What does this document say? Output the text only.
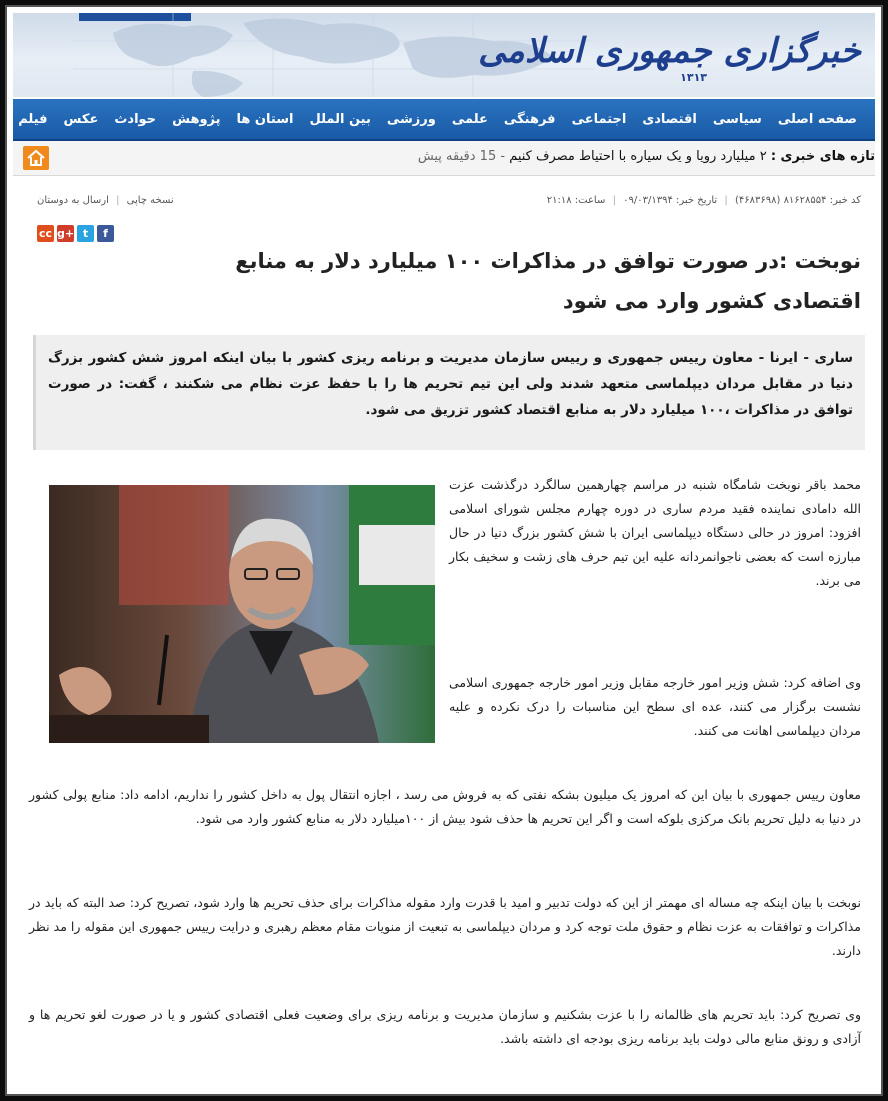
خبرگزاری جمهوری اسلامی
۱۳۱۳
صفحه اصلی
سیاسی
اقتصادی
اجتماعی
فرهنگی
علمی
ورزشی
بین الملل
استان ها
پژوهش
حوادث
عکس
فیلم
تازه های خبری : ۲ میلیارد رویا و یک سیاره با احتیاط مصرف کنیم - 15 دقیقه پیش
کد خبر: ۸۱۶۲۸۵۵۴ (۴۶۸۳۶۹۸) | تاریخ خبر: ۰۹/۰۳/۱۳۹۴ | ساعت: ۲۱:۱۸
نسخه چاپی | ارسال به دوستان
cc g+ t	f
نوبخت :در صورت توافق در مذاکرات ۱۰۰ میلیارد دلار به منابع اقتصادی کشور وارد می شود
ساری - ایرنا - معاون رییس جمهوری و رییس سازمان مدیریت و برنامه ریزی کشور با بیان اینکه امروز شش کشور بزرگ دنیا در مقابل مردان دیپلماسی متعهد شدند ولی این تیم تحریم ها را با حفظ عزت نظام می شکنند ، گفت: در صورت توافق در مذاکرات ،۱۰۰ میلیارد دلار به منابع اقتصاد کشور تزریق می شود.
محمد باقر نوبخت شامگاه شنبه در مراسم چهارهمین سالگرد درگذشت عزت الله دامادی نماینده فقید مردم ساری در دوره چهارم مجلس شورای اسلامی افزود: امروز در حالی دستگاه دیپلماسی ایران با شش کشور بزرگ دنیا در حال مبارزه است که بعضی ناجوانمردانه علیه این تیم حرف های زشت و سخیف بکار می برند.
وی اضافه کرد: شش وزیر امور خارجه مقابل وزیر امور خارجه جمهوری اسلامی نشست برگزار می کنند، عده ای سطح این مناسبات را درک نکرده و علیه مردان دیپلماسی اهانت می کنند.
معاون رییس جمهوری با بیان این که امروز یک میلیون بشکه نفتی که به فروش می رسد ، اجازه انتقال پول به داخل کشور را نداریم، ادامه داد: منابع پولی کشور در دنیا به دلیل تحریم بانک مرکزی بلوکه است و اگر این تحریم ها حذف شود بیش از ۱۰۰میلیارد دلار به منابع کشور وارد می شود.
نوبخت با بیان اینکه چه مساله ای مهمتر از این که دولت تدبیر و امید با قدرت وارد مقوله مذاکرات برای حذف تحریم ها وارد شود، تصریح کرد: صد البته که باید در مذاکرات و توافقات به عزت نظام و حقوق ملت توجه کرد و مردان دیپلماسی به تبعیت از منویات مقام معظم رهبری و درایت رییس جمهوری این مقوله را مد نظر دارند.
وی تصریح کرد: باید تحریم های ظالمانه را با عزت بشکنیم و سازمان مدیریت و برنامه ریزی برای وضعیت فعلی اقتصادی کشور و یا در صورت لغو تحریم ها و آزادی و رونق منابع مالی دولت باید برنامه ریزی بودجه ای داشته باشد.
